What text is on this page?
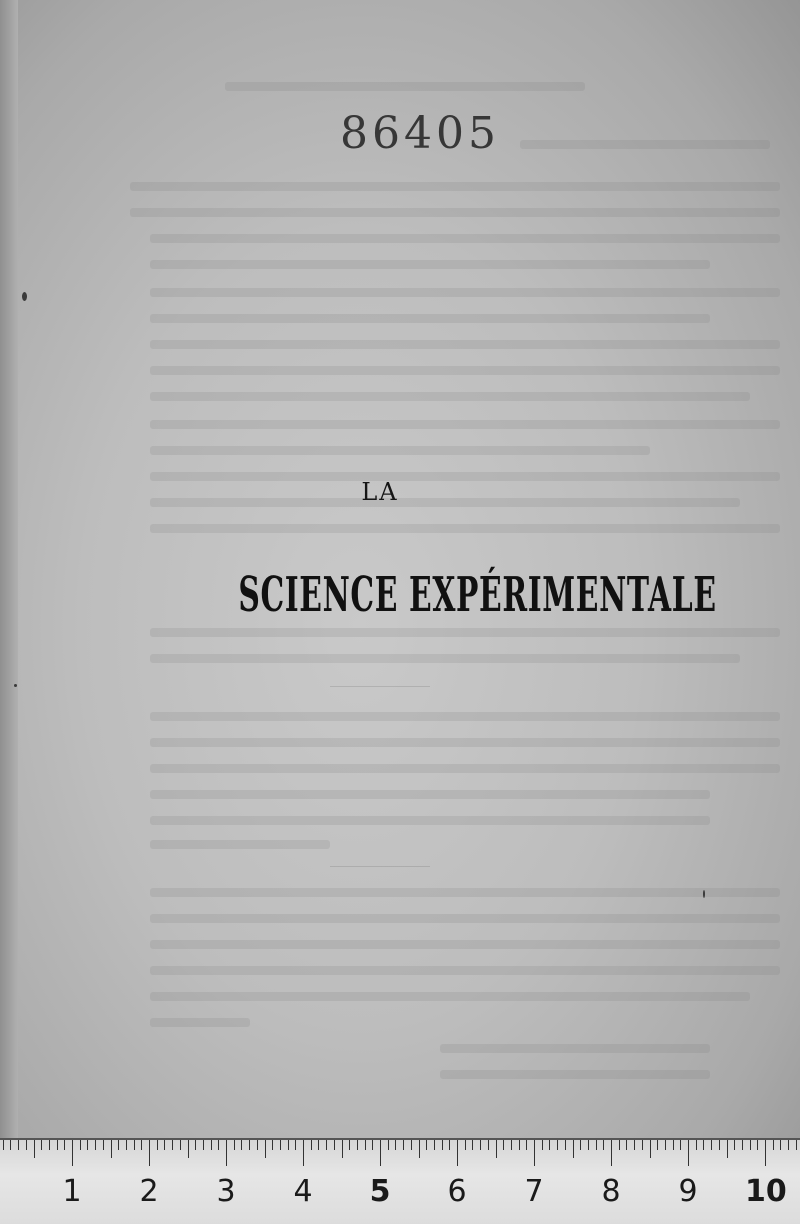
86405
LA
SCIENCE EXPÉRIMENTALE
1	2	3	4	5	6	7	8	9	10
